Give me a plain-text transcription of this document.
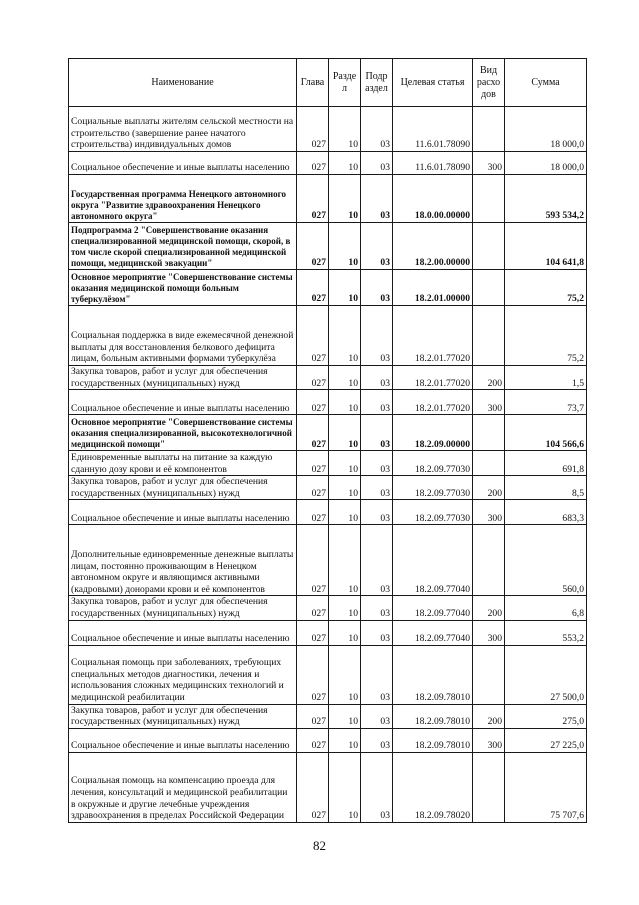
Наименование	Глава	Разде л	Подр аздел	Целевая статья	Вид расхо дов	Сумма
Социальные выплаты жителям сельской местности на строительство (завершение ранее начатого строительства) индивидуальных домов	027	10	03	11.6.01.78090		18 000,0
Социальное обеспечение и иные выплаты населению	027	10	03	11.6.01.78090	300	18 000,0
Государственная программа Ненецкого автономного округа "Развитие здравоохранения Ненецкого автономного округа"	027	10	03	18.0.00.00000		593 534,2
Подпрограмма 2 "Совершенствование оказания специализированной медицинской помощи, скорой, в том числе скорой специализированной медицинской помощи, медицинской эвакуации"	027	10	03	18.2.00.00000		104 641,8
Основное мероприятие "Совершенствование системы оказания медицинской помощи больным туберкулёзом"	027	10	03	18.2.01.00000		75,2
Социальная поддержка в виде ежемесячной денежной выплаты для восстановления белкового дефицита лицам, больным активными формами туберкулёза	027	10	03	18.2.01.77020		75,2
Закупка товаров, работ и услуг для обеспечения государственных (муниципальных) нужд	027	10	03	18.2.01.77020	200	1,5
Социальное обеспечение и иные выплаты населению	027	10	03	18.2.01.77020	300	73,7
Основное мероприятие "Совершенствование системы оказания специализированной, высокотехнологичной медицинской помощи"	027	10	03	18.2.09.00000		104 566,6
Единовременные выплаты на питание за каждую сданную дозу крови и её компонентов	027	10	03	18.2.09.77030		691,8
Закупка товаров, работ и услуг для обеспечения государственных (муниципальных) нужд	027	10	03	18.2.09.77030	200	8,5
Социальное обеспечение и иные выплаты населению	027	10	03	18.2.09.77030	300	683,3
Дополнительные единовременные денежные выплаты лицам, постоянно проживающим в Ненецком автономном округе и являющимся активными (кадровыми) донорами крови и её компонентов	027	10	03	18.2.09.77040		560,0
Закупка товаров, работ и услуг для обеспечения государственных (муниципальных) нужд	027	10	03	18.2.09.77040	200	6,8
Социальное обеспечение и иные выплаты населению	027	10	03	18.2.09.77040	300	553,2
Социальная помощь при заболеваниях, требующих специальных методов диагностики, лечения и использования сложных медицинских технологий и медицинской реабилитации	027	10	03	18.2.09.78010		27 500,0
Закупка товаров, работ и услуг для обеспечения государственных (муниципальных) нужд	027	10	03	18.2.09.78010	200	275,0
Социальное обеспечение и иные выплаты населению	027	10	03	18.2.09.78010	300	27 225,0
Социальная помощь на компенсацию проезда для лечения, консультаций и медицинской реабилитации в окружные и другие лечебные учреждения здравоохранения в пределах Российской Федерации	027	10	03	18.2.09.78020		75 707,6
82
